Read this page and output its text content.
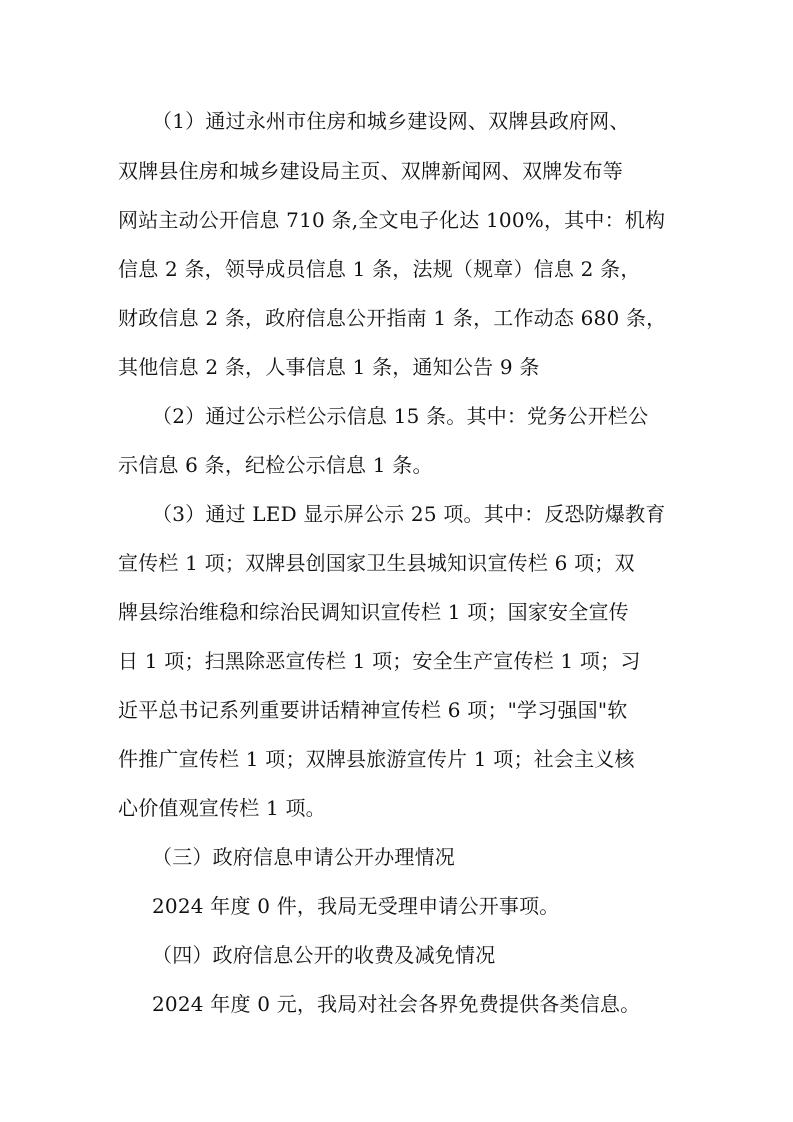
（1）通过永州市住房和城乡建设网、双牌县政府网、
双牌县住房和城乡建设局主页、双牌新闻网、双牌发布等
网站主动公开信息 710 条,全文电子化达 100%，其中：机构
信息 2 条，领导成员信息 1 条，法规（规章）信息 2 条，
财政信息 2 条，政府信息公开指南 1 条，工作动态 680 条，
其他信息 2 条，人事信息 1 条，通知公告 9 条
（2）通过公示栏公示信息 15 条。其中：党务公开栏公
示信息 6 条，纪检公示信息 1 条。
（3）通过 LED 显示屏公示 25 项。其中：反恐防爆教育
宣传栏 1 项；双牌县创国家卫生县城知识宣传栏 6 项；双
牌县综治维稳和综治民调知识宣传栏 1 项；国家安全宣传
日 1 项；扫黑除恶宣传栏 1 项；安全生产宣传栏 1 项；习
近平总书记系列重要讲话精神宣传栏 6 项；"学习强国"软
件推广宣传栏 1 项；双牌县旅游宣传片 1 项；社会主义核
心价值观宣传栏 1 项。
（三）政府信息申请公开办理情况
2024 年度 0 件，我局无受理申请公开事项。
（四）政府信息公开的收费及减免情况
2024 年度 0 元，我局对社会各界免费提供各类信息。
